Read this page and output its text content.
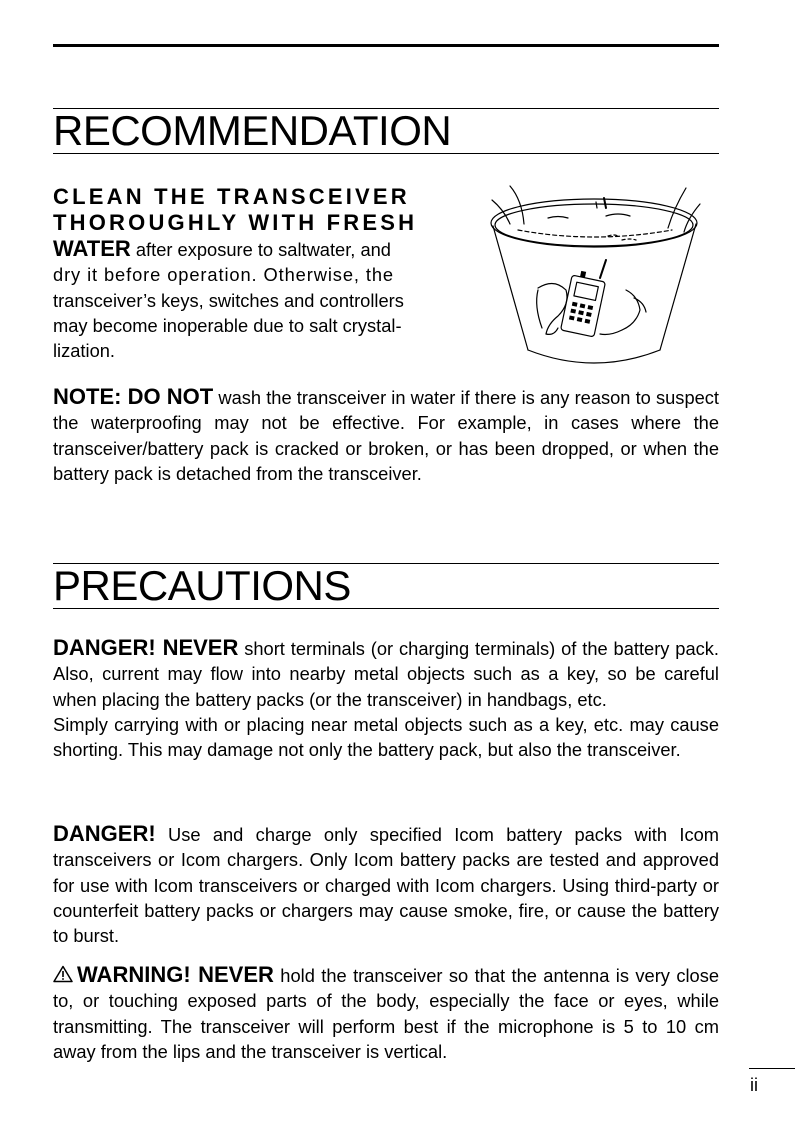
RECOMMENDATION
CLEAN THE TRANSCEIVER
THOROUGHLY WITH FRESH
WATER after exposure to saltwater, and
dry it before operation. Otherwise, the
transceiver’s keys, switches and controllers
may become inoperable due to salt crystal-
lization.
NOTE: DO NOT wash the transceiver in water if there is any reason to suspect the waterproofing may not be effective. For example, in cases where the transceiver/battery pack is cracked or broken, or has been dropped, or when the battery pack is detached from the transceiver.
PRECAUTIONS
DANGER! NEVER short terminals (or charging terminals) of the battery pack. Also, current may flow into nearby metal objects such as a key, so be careful when placing the battery packs (or the transceiver) in handbags, etc.
Simply carrying with or placing near metal objects such as a key, etc. may cause shorting. This may damage not only the battery pack, but also the transceiver.
DANGER! Use and charge only specified Icom battery packs with Icom transceivers or Icom chargers. Only Icom battery packs are tested and approved for use with Icom transceivers or charged with Icom chargers. Using third-party or counterfeit battery packs or chargers may cause smoke, fire, or cause the battery to burst.
WARNING! NEVER hold the transceiver so that the antenna is very close to, or touching exposed parts of the body, especially the face or eyes, while transmitting. The transceiver will perform best if the microphone is 5 to 10 cm away from the lips and the transceiver is vertical.
ii
